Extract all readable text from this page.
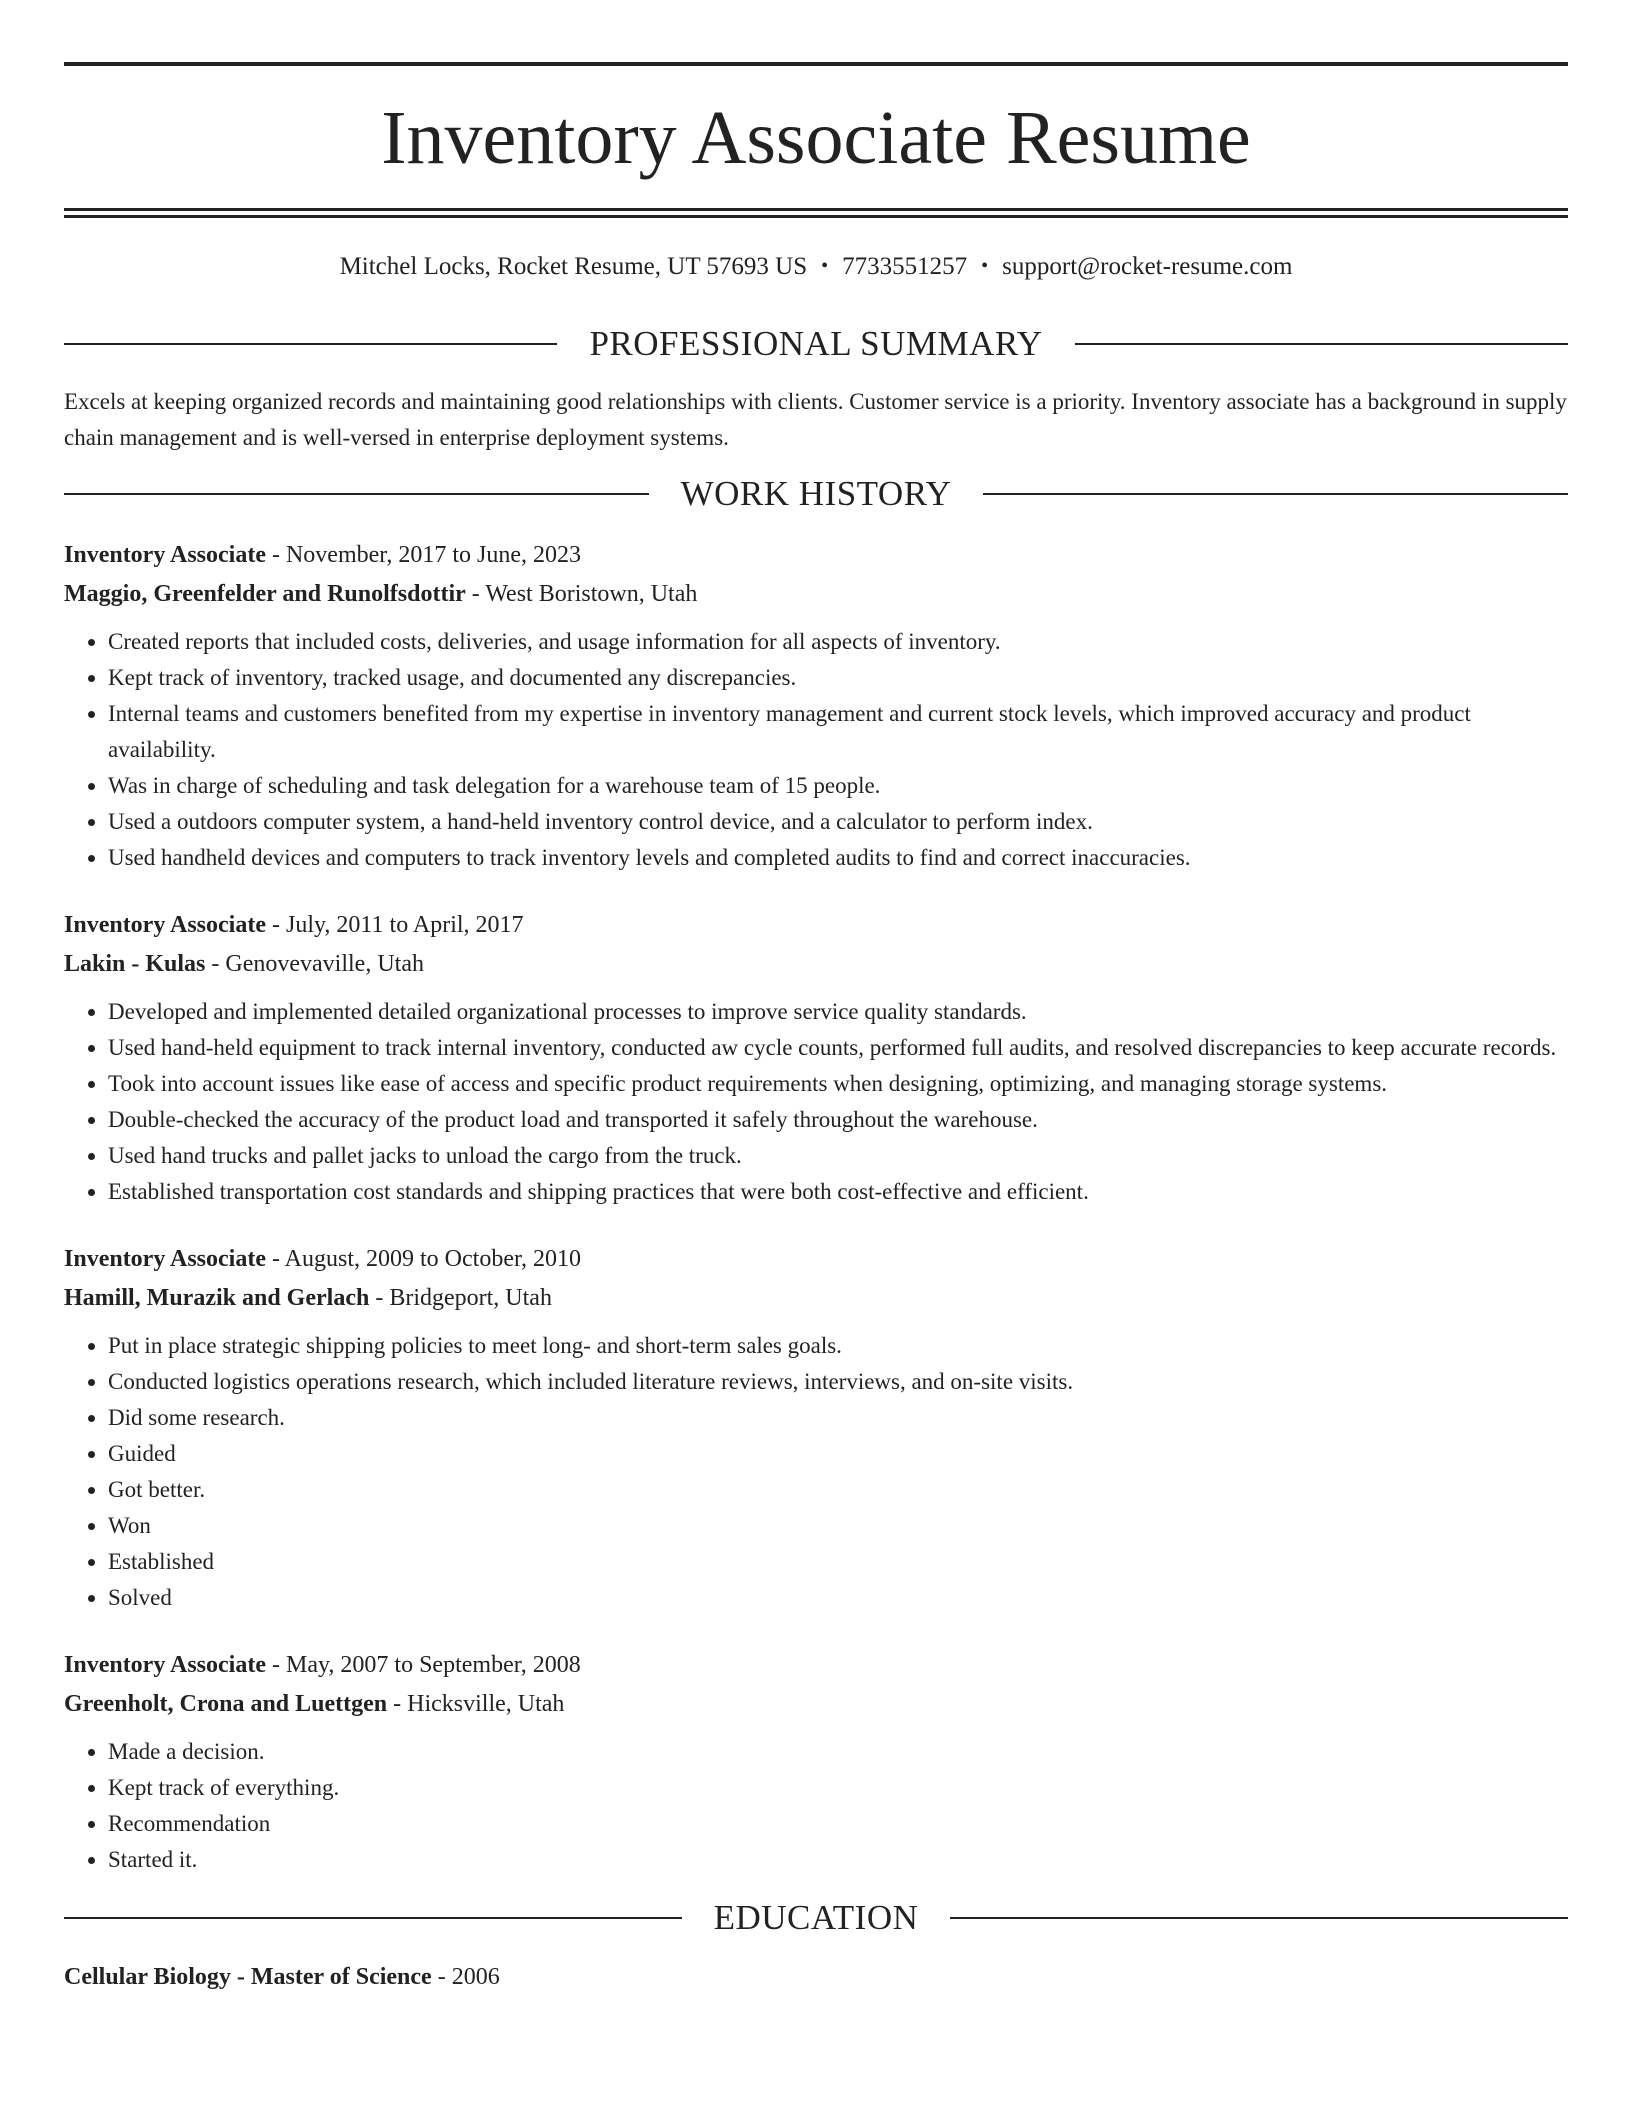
Inventory Associate Resume
Mitchel Locks, Rocket Resume, UT 57693 US • 7733551257 • support@rocket-resume.com
PROFESSIONAL SUMMARY

Excels at keeping organized records and maintaining good relationships with clients. Customer service is a priority. Inventory associate has a background in supply chain management and is well-versed in enterprise deployment systems.

WORK HISTORY
Inventory Associate - November, 2017 to June, 2023
Maggio, Greenfelder and Runolfsdottir - West Boristown, Utah
• Created reports that included costs, deliveries, and usage information for all aspects of inventory.
• Kept track of inventory, tracked usage, and documented any discrepancies.
• Internal teams and customers benefited from my expertise in inventory management and current stock levels, which improved accuracy and product availability.
• Was in charge of scheduling and task delegation for a warehouse team of 15 people.
• Used a outdoors computer system, a hand-held inventory control device, and a calculator to perform index.
• Used handheld devices and computers to track inventory levels and completed audits to find and correct inaccuracies.
Inventory Associate - July, 2011 to April, 2017
Lakin - Kulas - Genovevaville, Utah
• Developed and implemented detailed organizational processes to improve service quality standards.
• Used hand-held equipment to track internal inventory, conducted aw cycle counts, performed full audits, and resolved discrepancies to keep accurate records.
• Took into account issues like ease of access and specific product requirements when designing, optimizing, and managing storage systems.
• Double-checked the accuracy of the product load and transported it safely throughout the warehouse.
• Used hand trucks and pallet jacks to unload the cargo from the truck.
• Established transportation cost standards and shipping practices that were both cost-effective and efficient.
Inventory Associate - August, 2009 to October, 2010
Hamill, Murazik and Gerlach - Bridgeport, Utah
• Put in place strategic shipping policies to meet long- and short-term sales goals.
• Conducted logistics operations research, which included literature reviews, interviews, and on-site visits.
• Did some research.
• Guided
• Got better.
• Won
• Established
• Solved
Inventory Associate - May, 2007 to September, 2008
Greenholt, Crona and Luettgen - Hicksville, Utah
• Made a decision.
• Kept track of everything.
• Recommendation
• Started it.
EDUCATION
Cellular Biology - Master of Science - 2006
